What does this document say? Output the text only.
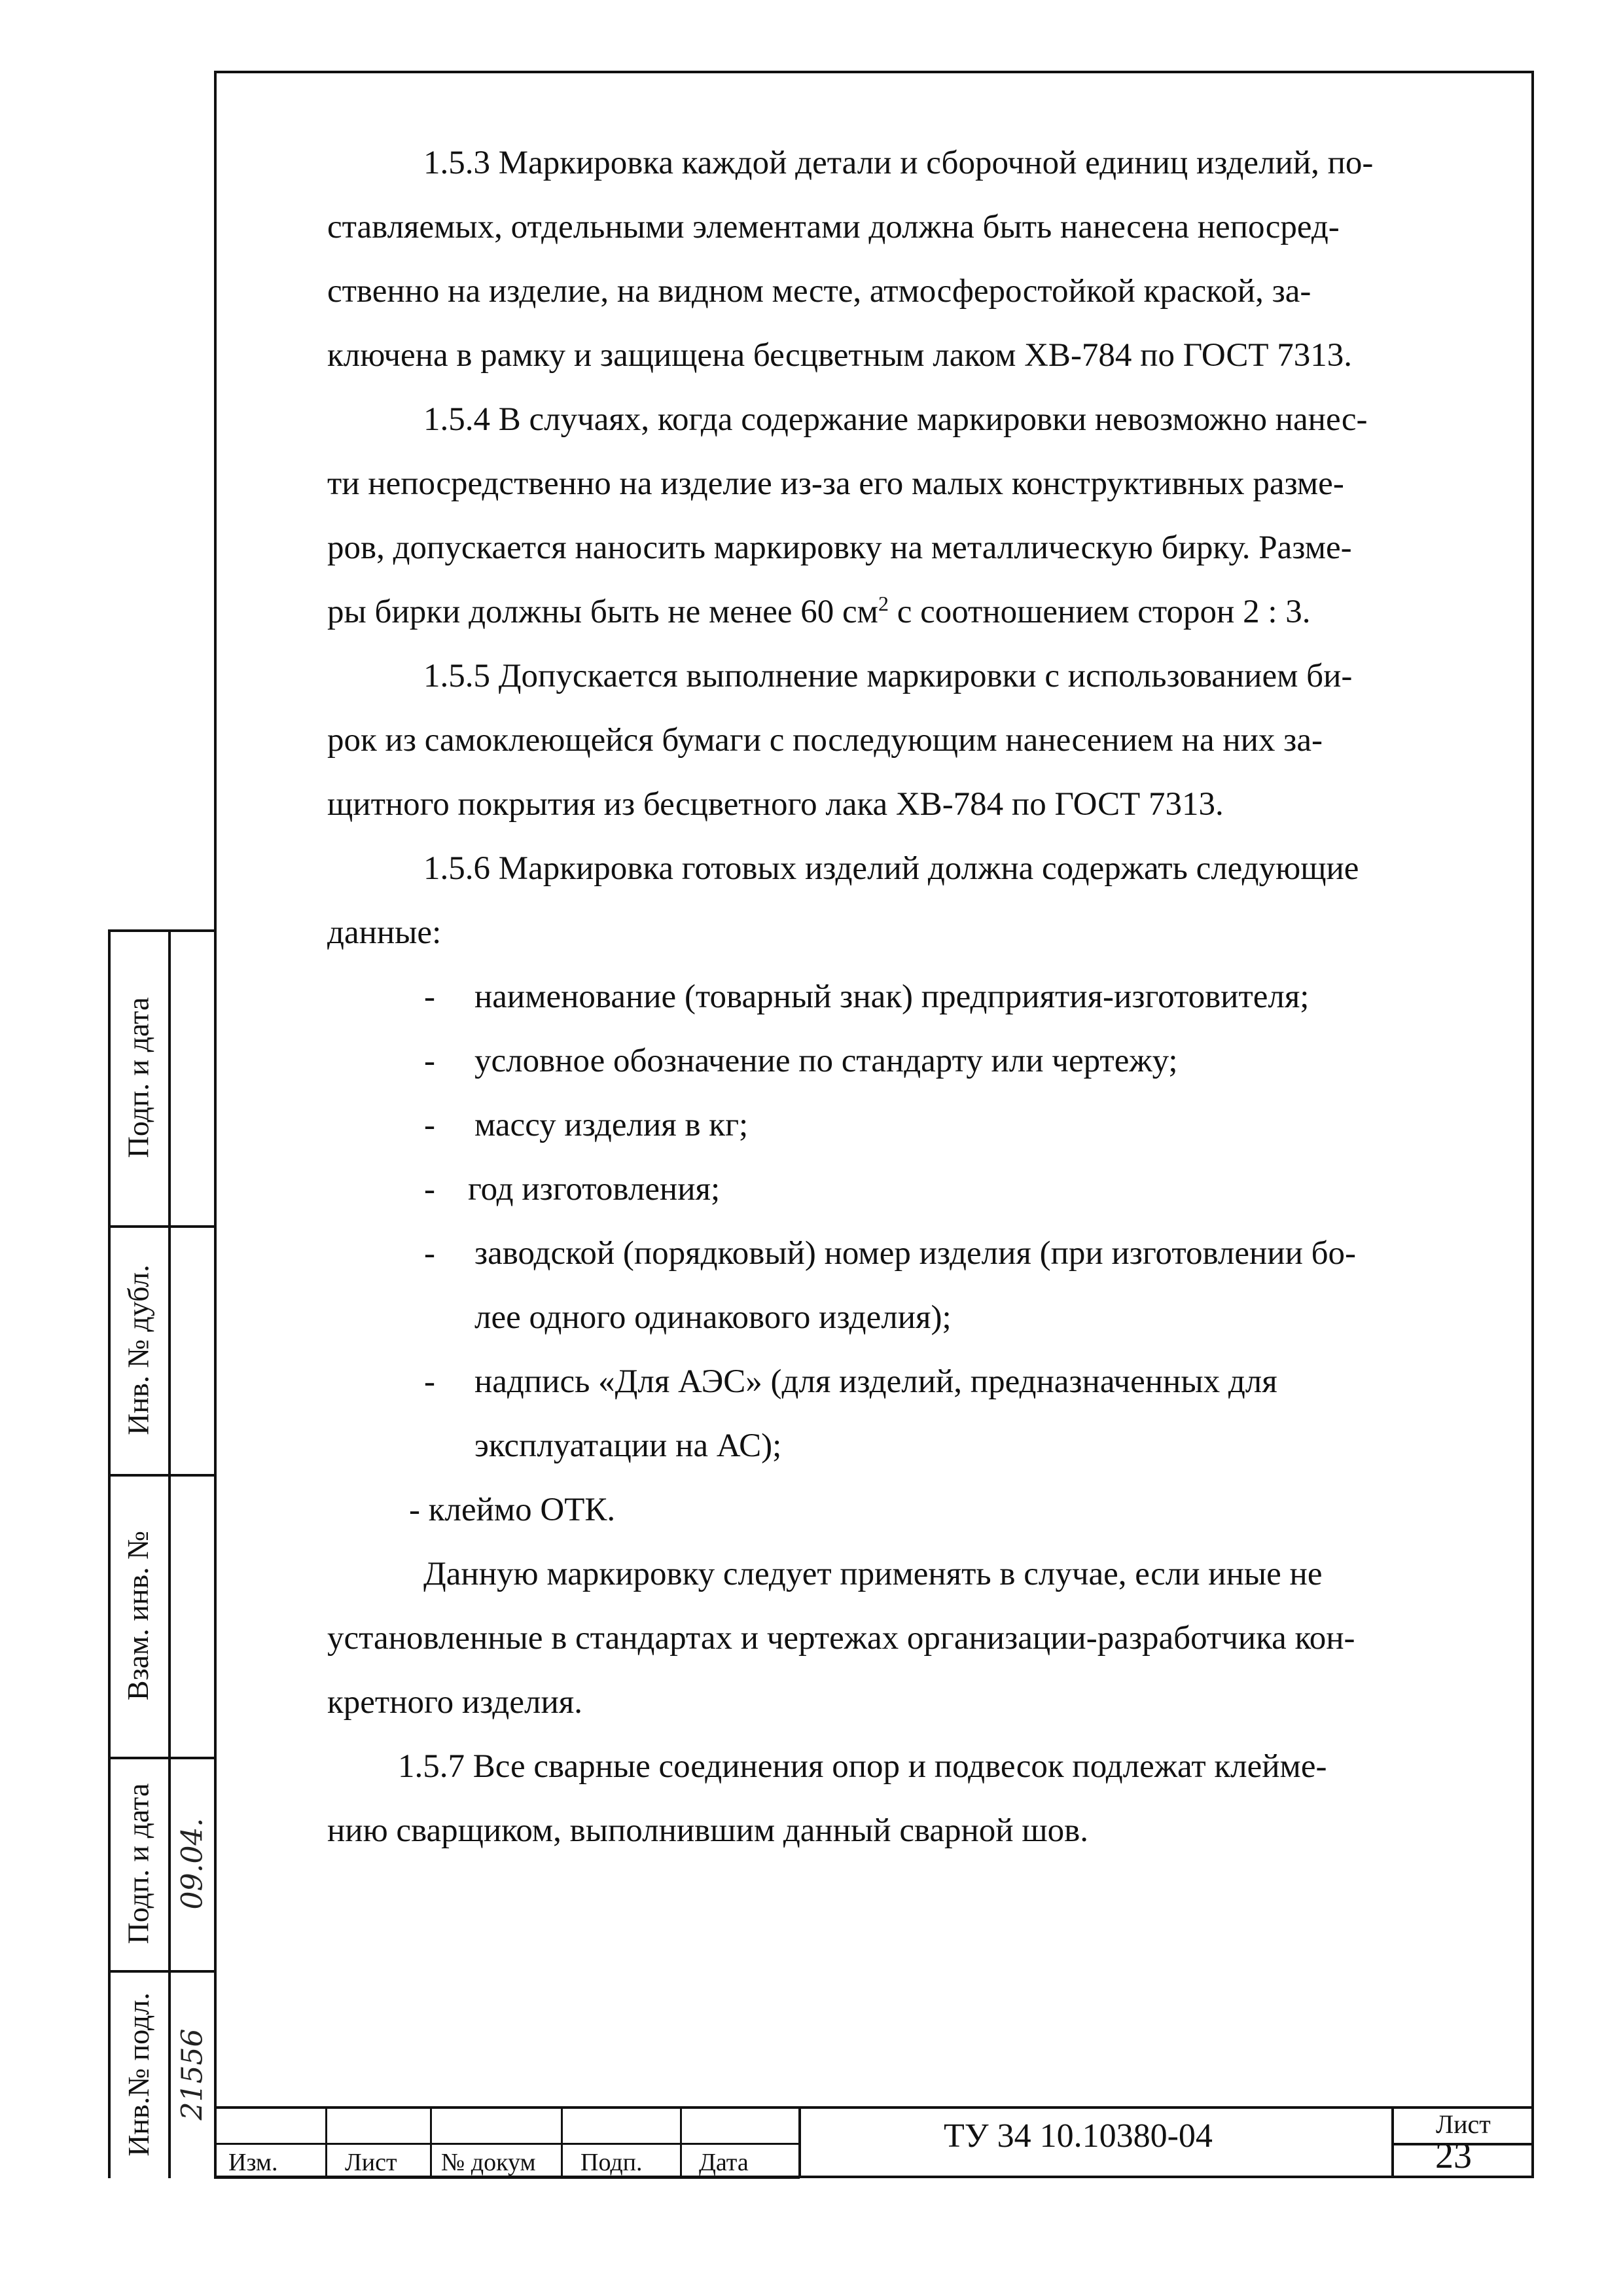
Подп. и дата
Инв. № дубл.
Взам. инв. №
Подп. и дата
Инв.№ подл.
09.04.
21556
1.5.3 Маркировка каждой детали и сборочной единиц изделий, по-
ставляемых, отдельными элементами должна быть нанесена непосред-
ственно на изделие, на видном месте, атмосферостойкой краской, за-
ключена в рамку и защищена бесцветным лаком ХВ-784 по ГОСТ 7313.
1.5.4 В случаях, когда содержание маркировки невозможно нанес-
ти непосредственно на изделие из-за его малых конструктивных разме-
ров, допускается наносить маркировку на металлическую бирку. Разме-
ры бирки должны быть не менее 60 $см^2$ с соотношением сторон 2 : 3.
1.5.5 Допускается выполнение маркировки с использованием би-
рок из самоклеющейся бумаги с последующим нанесением на них за-
щитного покрытия из бесцветного лака ХВ-784 по ГОСТ 7313.
1.5.6 Маркировка готовых изделий должна содержать следующие
данные:
- наименование (товарный знак) предприятия-изготовителя;
- условное обозначение по стандарту или чертежу;
- массу изделия в кг;
- год изготовления;
- заводской (порядковый) номер изделия (при изготовлении бо-
лее одного одинакового изделия);
- надпись «Для АЭС» (для изделий, предназначенных для
эксплуатации на АС);
- клеймо ОТК.
Данную маркировку следует применять в случае, если иные не
установленные в стандартах и чертежах организации-разработчика кон-
кретного изделия.
1.5.7 Все сварные соединения опор и подвесок подлежат клейме-
нию сварщиком, выполнившим данный сварной шов.
Изм.	Лист № докум Подп. Дата
ТУ 34 10.10380-04	Лист
23
